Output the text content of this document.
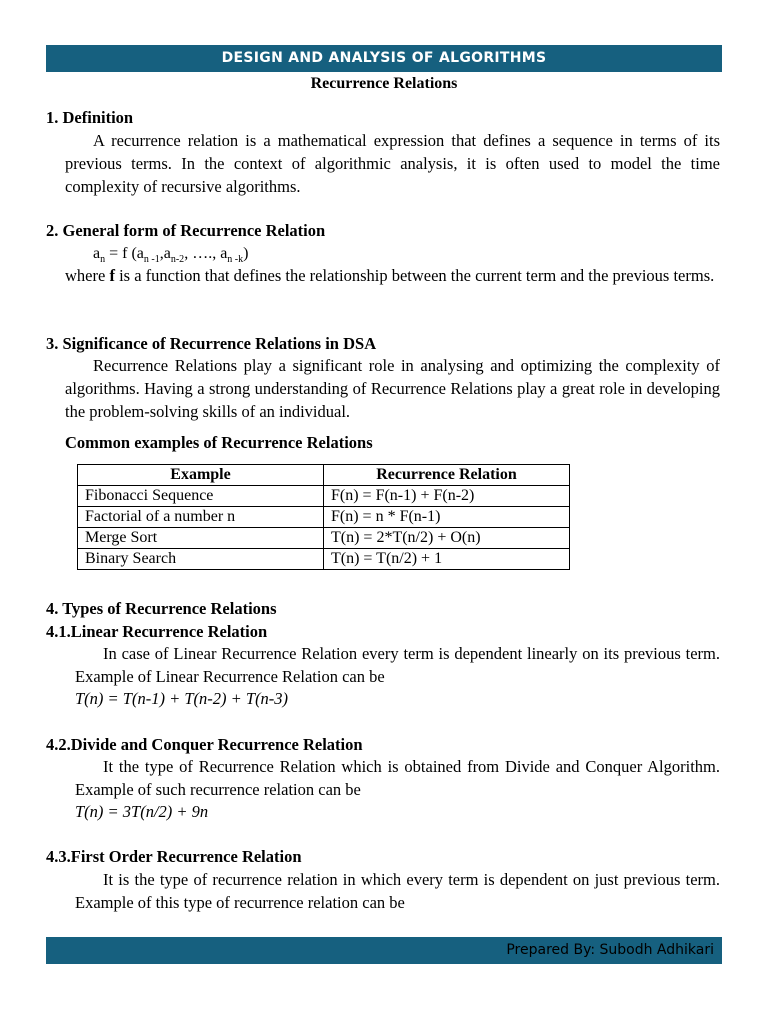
DESIGN AND ANALYSIS OF ALGORITHMS
Recurrence Relations
1. Definition
A recurrence relation is a mathematical expression that defines a sequence in terms of its previous terms. In the context of algorithmic analysis, it is often used to model the time complexity of recursive algorithms.
2. General form of Recurrence Relation
$a_n = f$ ($a_{n -1},a_{n-2}$, …., $a_{n -k}$)
where f is a function that defines the relationship between the current term and the previous terms.
3. Significance of Recurrence Relations in DSA
Recurrence Relations play a significant role in analysing and optimizing the complexity of algorithms. Having a strong understanding of Recurrence Relations play a great role in developing the problem-solving skills of an individual.
Common examples of Recurrence Relations
Example	Recurrence Relation
Fibonacci Sequence	F(n) = F(n-1) + F(n-2)
Factorial of a number n	F(n) = n * F(n-1)
Merge Sort	T(n) = 2*T(n/2) + O(n)
Binary Search	T(n) = T(n/2) + 1
4. Types of Recurrence Relations
4.1.Linear Recurrence Relation
In case of Linear Recurrence Relation every term is dependent linearly on its previous term. Example of Linear Recurrence Relation can be
T(n) = T(n-1) + T(n-2) + T(n-3)
4.2.Divide and Conquer Recurrence Relation
It the type of Recurrence Relation which is obtained from Divide and Conquer Algorithm. Example of such recurrence relation can be
T(n) = 3T(n/2) + 9n
4.3.First Order Recurrence Relation
It is the type of recurrence relation in which every term is dependent on just previous term. Example of this type of recurrence relation can be
Prepared By: Subodh Adhikari
